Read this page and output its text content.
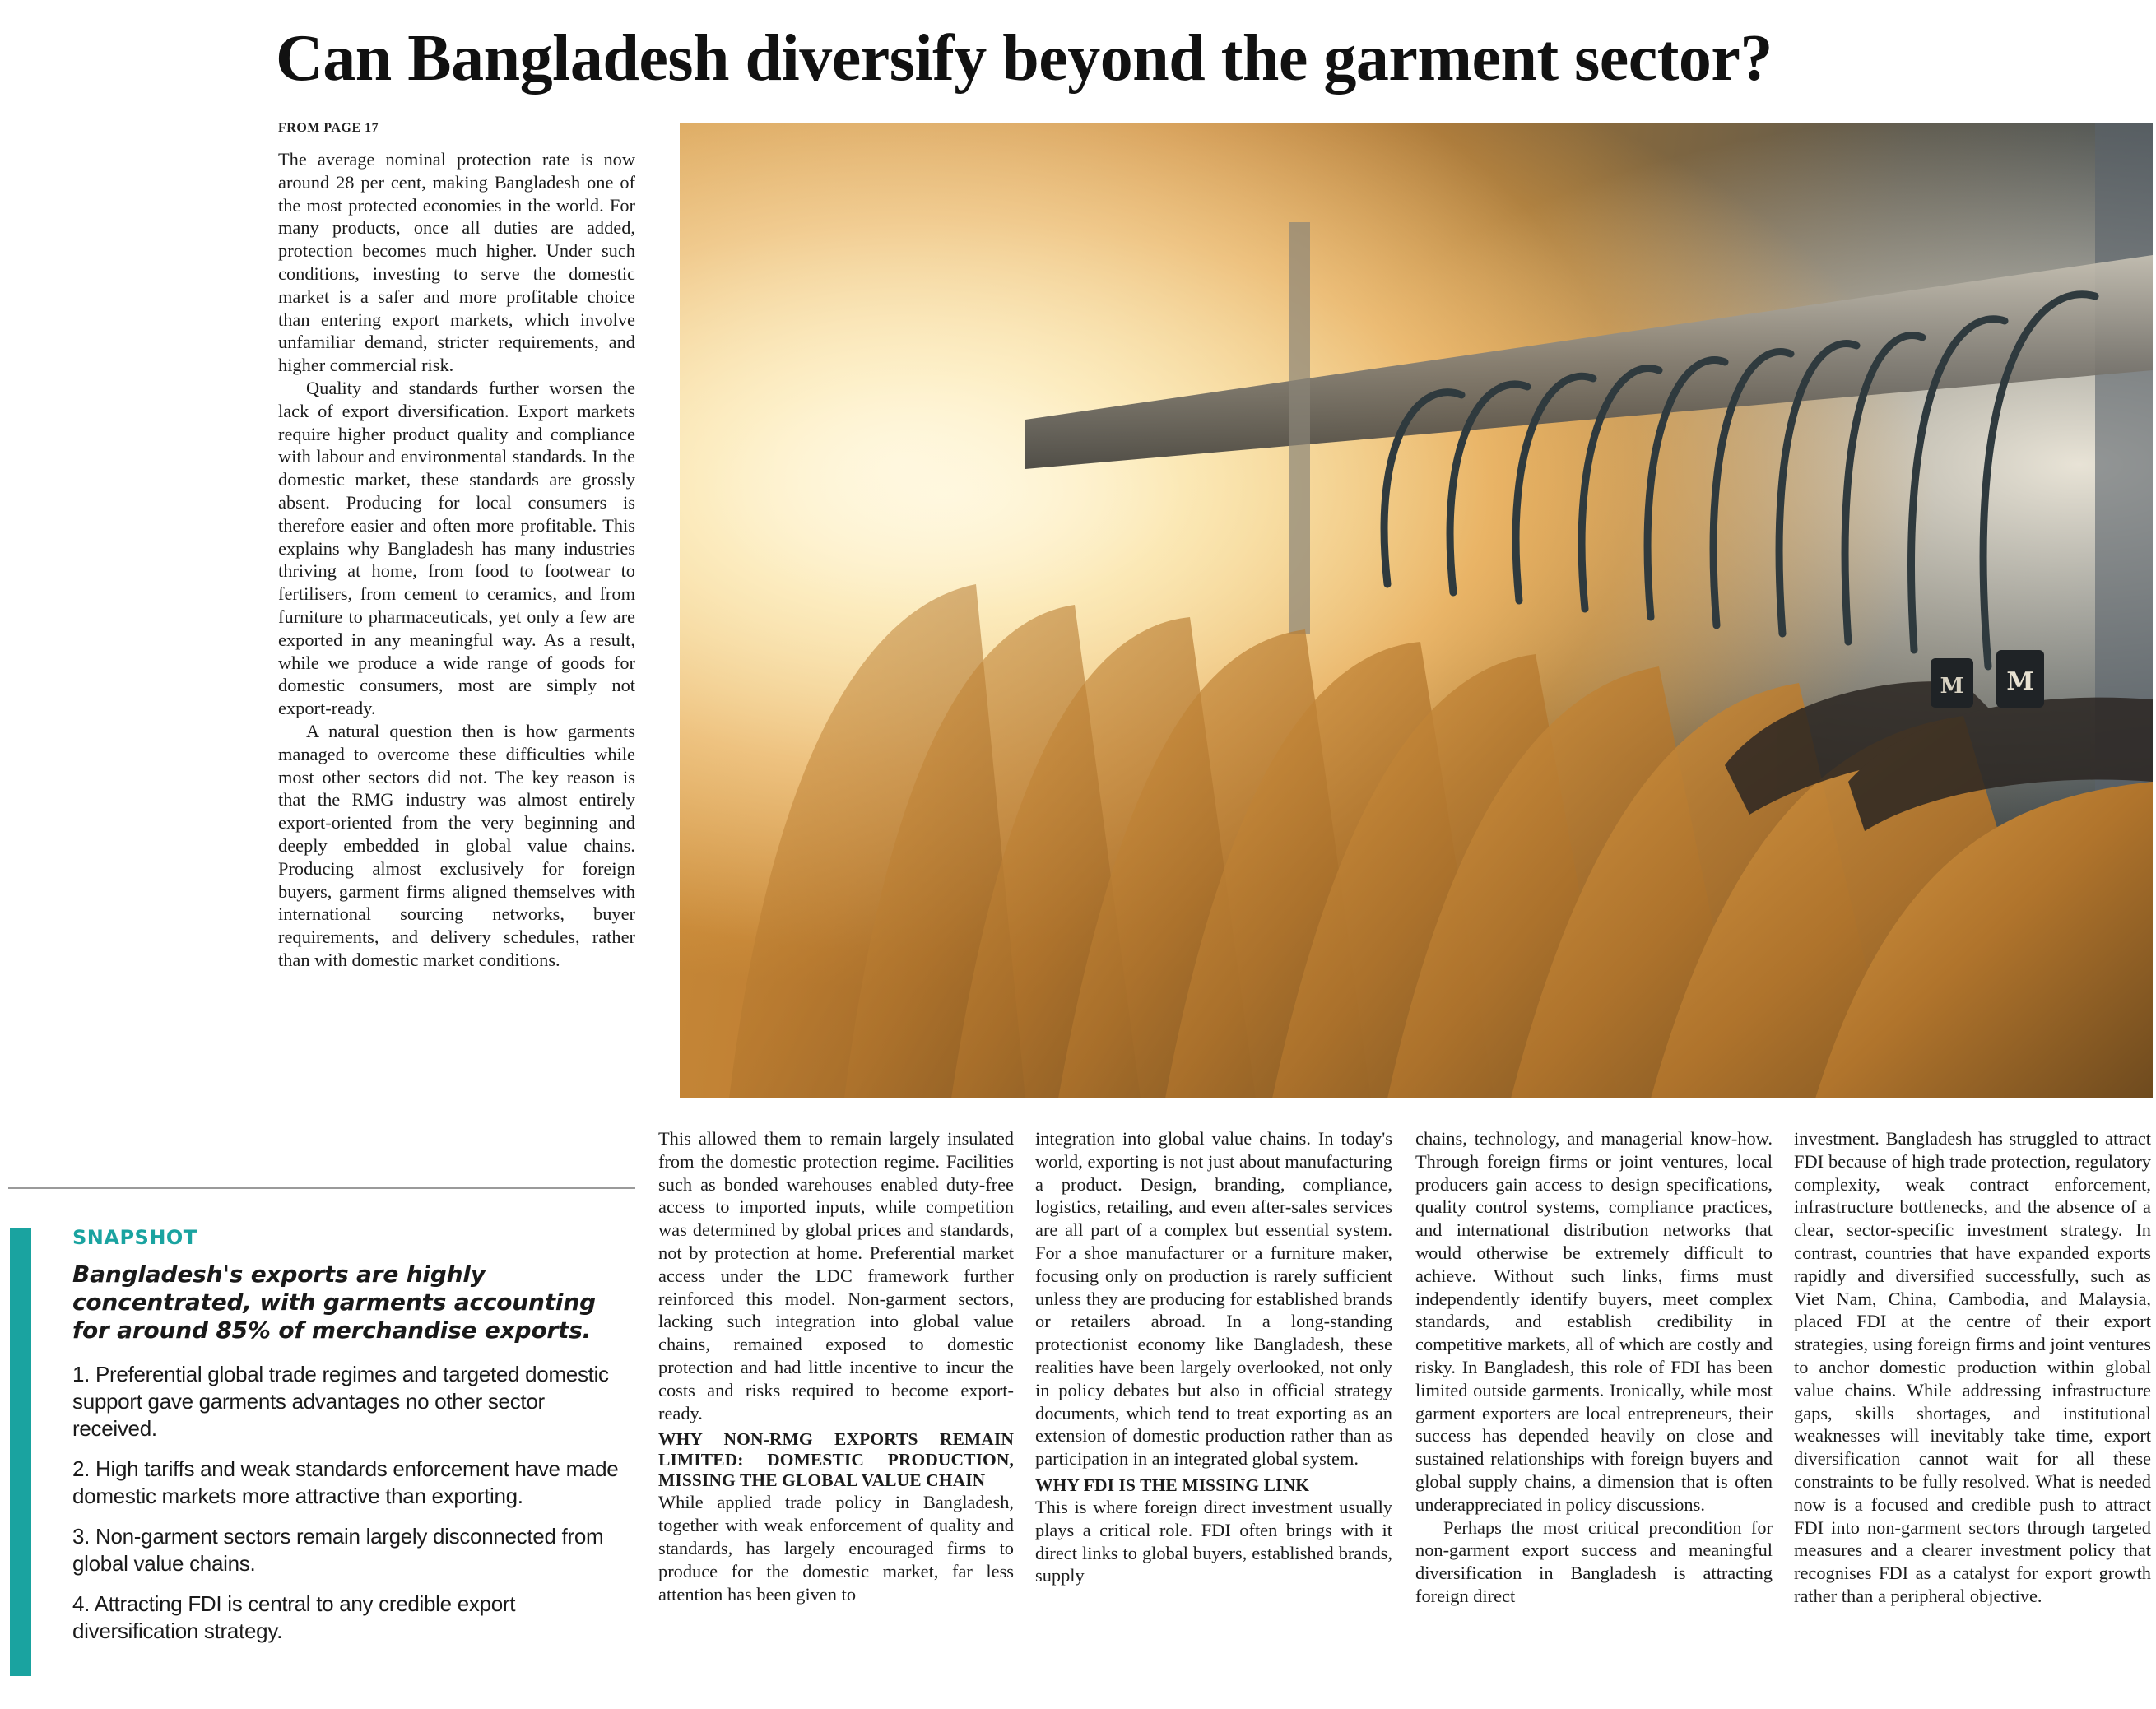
Can Bangladesh diversify beyond the garment sector?
FROM PAGE 17

The average nominal protection rate is now around 28 per cent, making Bangladesh one of the most protected economies in the world. For many products, once all duties are added, protection becomes much higher. Under such conditions, investing to serve the domestic market is a safer and more profitable choice than entering export markets, which involve unfamiliar demand, stricter requirements, and higher commercial risk.

Quality and standards further worsen the lack of export diversification. Export markets require higher product quality and compliance with labour and environmental standards. In the domestic market, these standards are grossly absent. Producing for local consumers is therefore easier and often more profitable. This explains why Bangladesh has many industries thriving at home, from food to footwear to fertilisers, from cement to ceramics, and from furniture to pharmaceuticals, yet only a few are exported in any meaningful way. As a result, while we produce a wide range of goods for domestic consumers, most are simply not export-ready.

A natural question then is how garments managed to overcome these difficulties while most other sectors did not. The key reason is that the RMG industry was almost entirely export-oriented from the very beginning and deeply embedded in global value chains. Producing almost exclusively for foreign buyers, garment firms aligned themselves with international sourcing networks, buyer requirements, and delivery schedules, rather than with domestic market conditions.

M
M

This allowed them to remain largely insulated from the domestic protection regime. Facilities such as bonded warehouses enabled duty-free access to imported inputs, while competition was determined by global prices and standards, not by protection at home. Preferential market access under the LDC framework further reinforced this model. Non-garment sectors, lacking such integration into global value chains, remained exposed to domestic protection and had little incentive to incur the costs and risks required to become export-ready.

WHY NON-RMG EXPORTS REMAIN LIMITED: DOMESTIC PRODUCTION, MISSING THE GLOBAL VALUE CHAIN

While applied trade policy in Bangladesh, together with weak enforcement of quality and standards, has largely encouraged firms to produce for the domestic market, far less attention has been given to

integration into global value chains. In today's world, exporting is not just about manufacturing a product. Design, branding, compliance, logistics, retailing, and even after-sales services are all part of a complex but essential system. For a shoe manufacturer or a furniture maker, focusing only on production is rarely sufficient unless they are producing for established brands or retailers abroad. In a long-standing protectionist economy like Bangladesh, these realities have been largely overlooked, not only in policy debates but also in official strategy documents, which tend to treat exporting as an extension of domestic production rather than as participation in an integrated global system.

WHY FDI IS THE MISSING LINK

This is where foreign direct investment usually plays a critical role. FDI often brings with it direct links to global buyers, established brands, supply

chains, technology, and managerial know-how. Through foreign firms or joint ventures, local producers gain access to design specifications, quality control systems, compliance practices, and international distribution networks that would otherwise be extremely difficult to achieve. Without such links, firms must independently identify buyers, meet complex standards, and establish credibility in competitive markets, all of which are costly and risky. In Bangladesh, this role of FDI has been limited outside garments. Ironically, while most garment exporters are local entrepreneurs, their success has depended heavily on close and sustained relationships with foreign buyers and global supply chains, a dimension that is often underappreciated in policy discussions.

Perhaps the most critical precondition for non-garment export success and meaningful diversification in Bangladesh is attracting foreign direct

investment. Bangladesh has struggled to attract FDI because of high trade protection, regulatory complexity, weak contract enforcement, infrastructure bottlenecks, and the absence of a clear, sector-specific investment strategy. In contrast, countries that have expanded exports rapidly and diversified successfully, such as Viet Nam, China, Cambodia, and Malaysia, placed FDI at the centre of their export strategies, using foreign firms and joint ventures to anchor domestic production within global value chains. While addressing infrastructure gaps, skills shortages, and institutional weaknesses will inevitably take time, export diversification cannot wait for all these constraints to be fully resolved. What is needed now is a focused and credible push to attract FDI into non-garment sectors through targeted measures and a clearer investment policy that recognises FDI as a catalyst for export growth rather than a peripheral objective.

SNAPSHOT
Bangladesh's exports are highly concentrated, with garments accounting for around 85% of merchandise exports.
1. Preferential global trade regimes and targeted domestic support gave garments advantages no other sector received.
2. High tariffs and weak standards enforcement have made domestic markets more attractive than exporting.
3. Non-garment sectors remain largely disconnected from global value chains.
4. Attracting FDI is central to any credible export diversification strategy.
